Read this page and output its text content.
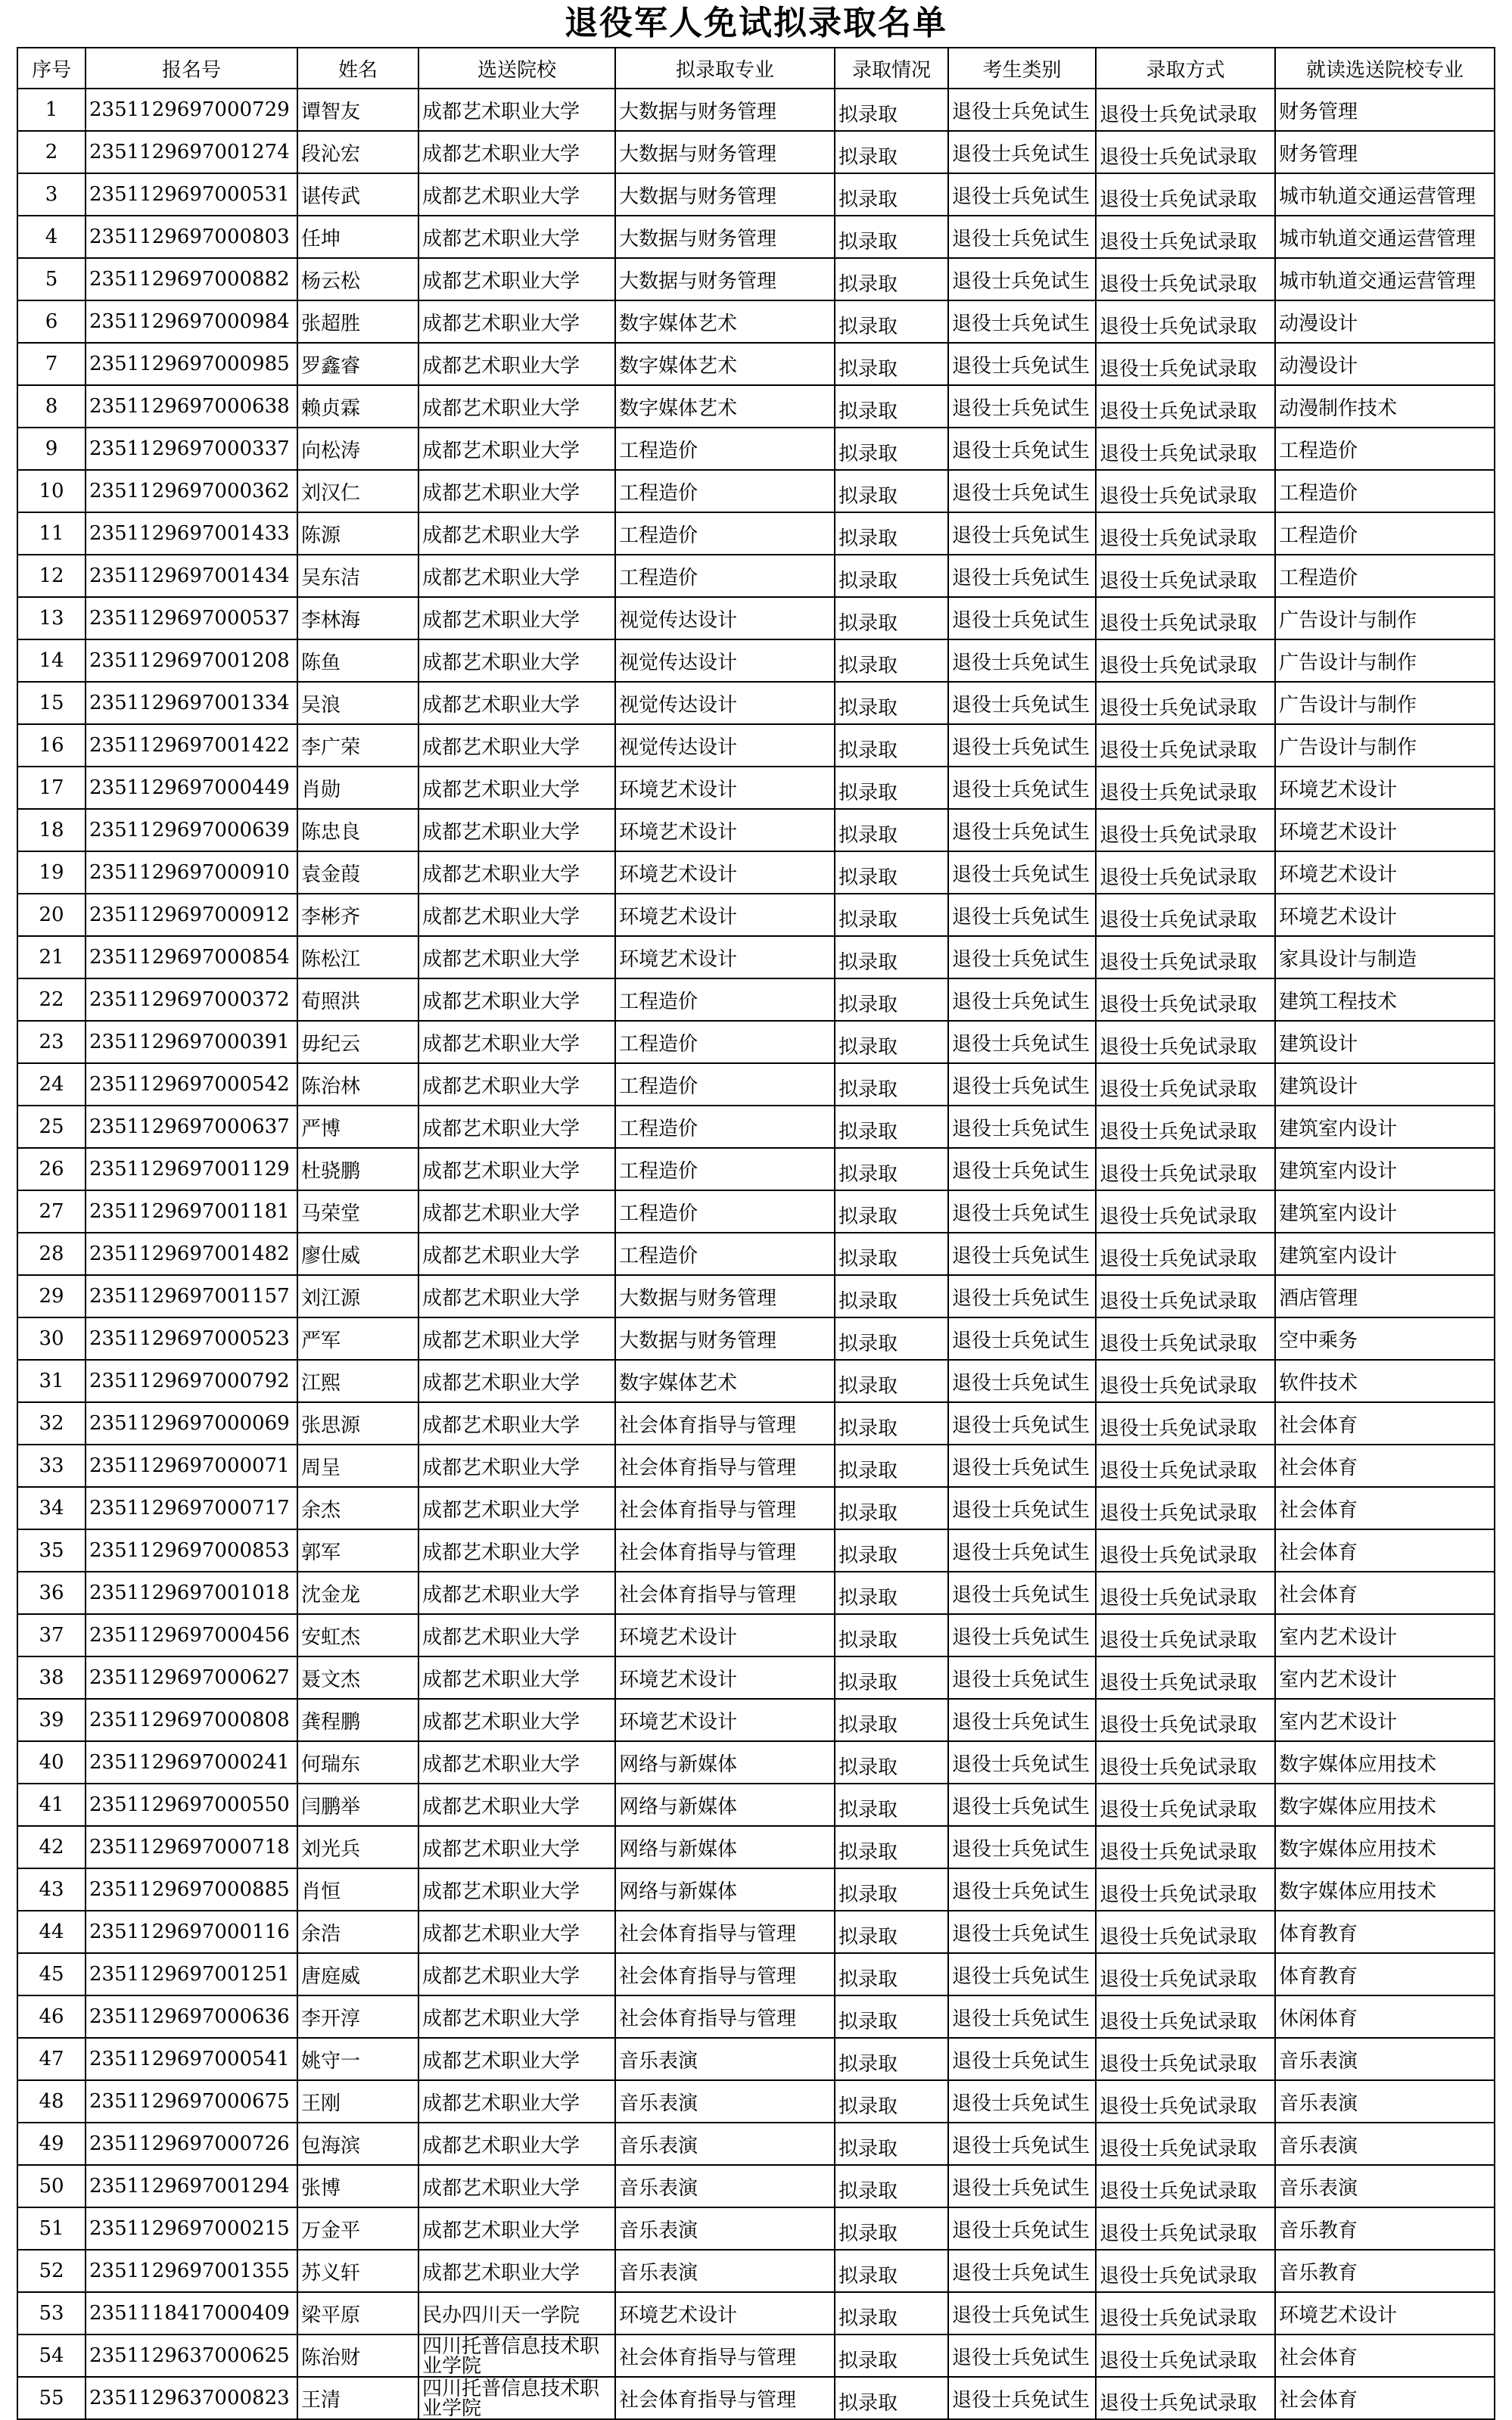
退役军人免试拟录取名单
序号	报名号	姓名	选送院校	拟录取专业	录取情况	考生类别	录取方式	就读选送院校专业
1	2351129697000729	谭智友	成都艺术职业大学	大数据与财务管理	拟录取	退役士兵免试生	退役士兵免试录取	财务管理
2	2351129697001274	段沁宏	成都艺术职业大学	大数据与财务管理	拟录取	退役士兵免试生	退役士兵免试录取	财务管理
3	2351129697000531	谌传武	成都艺术职业大学	大数据与财务管理	拟录取	退役士兵免试生	退役士兵免试录取	城市轨道交通运营管理
4	2351129697000803	任坤	成都艺术职业大学	大数据与财务管理	拟录取	退役士兵免试生	退役士兵免试录取	城市轨道交通运营管理
5	2351129697000882	杨云松	成都艺术职业大学	大数据与财务管理	拟录取	退役士兵免试生	退役士兵免试录取	城市轨道交通运营管理
6	2351129697000984	张超胜	成都艺术职业大学	数字媒体艺术	拟录取	退役士兵免试生	退役士兵免试录取	动漫设计
7	2351129697000985	罗鑫睿	成都艺术职业大学	数字媒体艺术	拟录取	退役士兵免试生	退役士兵免试录取	动漫设计
8	2351129697000638	赖贞霖	成都艺术职业大学	数字媒体艺术	拟录取	退役士兵免试生	退役士兵免试录取	动漫制作技术
9	2351129697000337	向松涛	成都艺术职业大学	工程造价	拟录取	退役士兵免试生	退役士兵免试录取	工程造价
10	2351129697000362	刘汉仁	成都艺术职业大学	工程造价	拟录取	退役士兵免试生	退役士兵免试录取	工程造价
11	2351129697001433	陈源	成都艺术职业大学	工程造价	拟录取	退役士兵免试生	退役士兵免试录取	工程造价
12	2351129697001434	吴东洁	成都艺术职业大学	工程造价	拟录取	退役士兵免试生	退役士兵免试录取	工程造价
13	2351129697000537	李林海	成都艺术职业大学	视觉传达设计	拟录取	退役士兵免试生	退役士兵免试录取	广告设计与制作
14	2351129697001208	陈鱼	成都艺术职业大学	视觉传达设计	拟录取	退役士兵免试生	退役士兵免试录取	广告设计与制作
15	2351129697001334	吴浪	成都艺术职业大学	视觉传达设计	拟录取	退役士兵免试生	退役士兵免试录取	广告设计与制作
16	2351129697001422	李广荣	成都艺术职业大学	视觉传达设计	拟录取	退役士兵免试生	退役士兵免试录取	广告设计与制作
17	2351129697000449	肖勋	成都艺术职业大学	环境艺术设计	拟录取	退役士兵免试生	退役士兵免试录取	环境艺术设计
18	2351129697000639	陈忠良	成都艺术职业大学	环境艺术设计	拟录取	退役士兵免试生	退役士兵免试录取	环境艺术设计
19	2351129697000910	袁金葭	成都艺术职业大学	环境艺术设计	拟录取	退役士兵免试生	退役士兵免试录取	环境艺术设计
20	2351129697000912	李彬齐	成都艺术职业大学	环境艺术设计	拟录取	退役士兵免试生	退役士兵免试录取	环境艺术设计
21	2351129697000854	陈松江	成都艺术职业大学	环境艺术设计	拟录取	退役士兵免试生	退役士兵免试录取	家具设计与制造
22	2351129697000372	荀照洪	成都艺术职业大学	工程造价	拟录取	退役士兵免试生	退役士兵免试录取	建筑工程技术
23	2351129697000391	毋纪云	成都艺术职业大学	工程造价	拟录取	退役士兵免试生	退役士兵免试录取	建筑设计
24	2351129697000542	陈治林	成都艺术职业大学	工程造价	拟录取	退役士兵免试生	退役士兵免试录取	建筑设计
25	2351129697000637	严博	成都艺术职业大学	工程造价	拟录取	退役士兵免试生	退役士兵免试录取	建筑室内设计
26	2351129697001129	杜骁鹏	成都艺术职业大学	工程造价	拟录取	退役士兵免试生	退役士兵免试录取	建筑室内设计
27	2351129697001181	马荣堂	成都艺术职业大学	工程造价	拟录取	退役士兵免试生	退役士兵免试录取	建筑室内设计
28	2351129697001482	廖仕威	成都艺术职业大学	工程造价	拟录取	退役士兵免试生	退役士兵免试录取	建筑室内设计
29	2351129697001157	刘江源	成都艺术职业大学	大数据与财务管理	拟录取	退役士兵免试生	退役士兵免试录取	酒店管理
30	2351129697000523	严军	成都艺术职业大学	大数据与财务管理	拟录取	退役士兵免试生	退役士兵免试录取	空中乘务
31	2351129697000792	江熙	成都艺术职业大学	数字媒体艺术	拟录取	退役士兵免试生	退役士兵免试录取	软件技术
32	2351129697000069	张思源	成都艺术职业大学	社会体育指导与管理	拟录取	退役士兵免试生	退役士兵免试录取	社会体育
33	2351129697000071	周呈	成都艺术职业大学	社会体育指导与管理	拟录取	退役士兵免试生	退役士兵免试录取	社会体育
34	2351129697000717	余杰	成都艺术职业大学	社会体育指导与管理	拟录取	退役士兵免试生	退役士兵免试录取	社会体育
35	2351129697000853	郭军	成都艺术职业大学	社会体育指导与管理	拟录取	退役士兵免试生	退役士兵免试录取	社会体育
36	2351129697001018	沈金龙	成都艺术职业大学	社会体育指导与管理	拟录取	退役士兵免试生	退役士兵免试录取	社会体育
37	2351129697000456	安虹杰	成都艺术职业大学	环境艺术设计	拟录取	退役士兵免试生	退役士兵免试录取	室内艺术设计
38	2351129697000627	聂文杰	成都艺术职业大学	环境艺术设计	拟录取	退役士兵免试生	退役士兵免试录取	室内艺术设计
39	2351129697000808	龚程鹏	成都艺术职业大学	环境艺术设计	拟录取	退役士兵免试生	退役士兵免试录取	室内艺术设计
40	2351129697000241	何瑞东	成都艺术职业大学	网络与新媒体	拟录取	退役士兵免试生	退役士兵免试录取	数字媒体应用技术
41	2351129697000550	闫鹏举	成都艺术职业大学	网络与新媒体	拟录取	退役士兵免试生	退役士兵免试录取	数字媒体应用技术
42	2351129697000718	刘光兵	成都艺术职业大学	网络与新媒体	拟录取	退役士兵免试生	退役士兵免试录取	数字媒体应用技术
43	2351129697000885	肖恒	成都艺术职业大学	网络与新媒体	拟录取	退役士兵免试生	退役士兵免试录取	数字媒体应用技术
44	2351129697000116	余浩	成都艺术职业大学	社会体育指导与管理	拟录取	退役士兵免试生	退役士兵免试录取	体育教育
45	2351129697001251	唐庭威	成都艺术职业大学	社会体育指导与管理	拟录取	退役士兵免试生	退役士兵免试录取	体育教育
46	2351129697000636	李开淳	成都艺术职业大学	社会体育指导与管理	拟录取	退役士兵免试生	退役士兵免试录取	休闲体育
47	2351129697000541	姚守一	成都艺术职业大学	音乐表演	拟录取	退役士兵免试生	退役士兵免试录取	音乐表演
48	2351129697000675	王刚	成都艺术职业大学	音乐表演	拟录取	退役士兵免试生	退役士兵免试录取	音乐表演
49	2351129697000726	包海滨	成都艺术职业大学	音乐表演	拟录取	退役士兵免试生	退役士兵免试录取	音乐表演
50	2351129697001294	张博	成都艺术职业大学	音乐表演	拟录取	退役士兵免试生	退役士兵免试录取	音乐表演
51	2351129697000215	万金平	成都艺术职业大学	音乐表演	拟录取	退役士兵免试生	退役士兵免试录取	音乐教育
52	2351129697001355	苏义轩	成都艺术职业大学	音乐表演	拟录取	退役士兵免试生	退役士兵免试录取	音乐教育
53	2351118417000409	梁平原	民办四川天一学院	环境艺术设计	拟录取	退役士兵免试生	退役士兵免试录取	环境艺术设计
54	2351129637000625	陈治财	四川托普信息技术职业学院	社会体育指导与管理	拟录取	退役士兵免试生	退役士兵免试录取	社会体育
55	2351129637000823	王清	四川托普信息技术职业学院	社会体育指导与管理	拟录取	退役士兵免试生	退役士兵免试录取	社会体育
